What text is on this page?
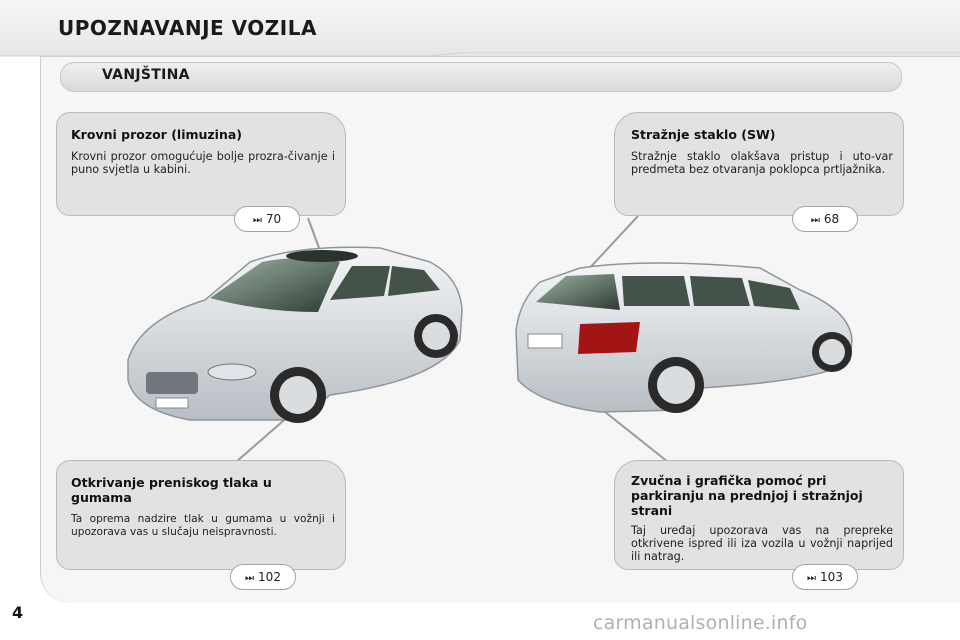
UPOZNAVANJE VOZILA
VANJŠTINA
Krovni prozor (limuzina)

Krovni prozor omogućuje bolje prozra-čivanje i puno svjetla u kabini.

⏭ 70
Stražnje staklo (SW)

Stražnje staklo olakšava pristup i uto-var predmeta bez otvaranja poklopca prtljažnika.

⏭ 68
Otkrivanje preniskog tlaka u gumama

Ta oprema nadzire tlak u gumama u vožnji i upozorava vas u slučaju neispravnosti.

⏭ 102
Zvučna i grafička pomoć pri parkiranju na prednjoj i stražnjoj strani

Taj uređaj upozorava vas na prepreke otkrivene ispred ili iza vozila u vožnji naprijed ili natrag.

⏭ 103
4	carmanualsonline.info
